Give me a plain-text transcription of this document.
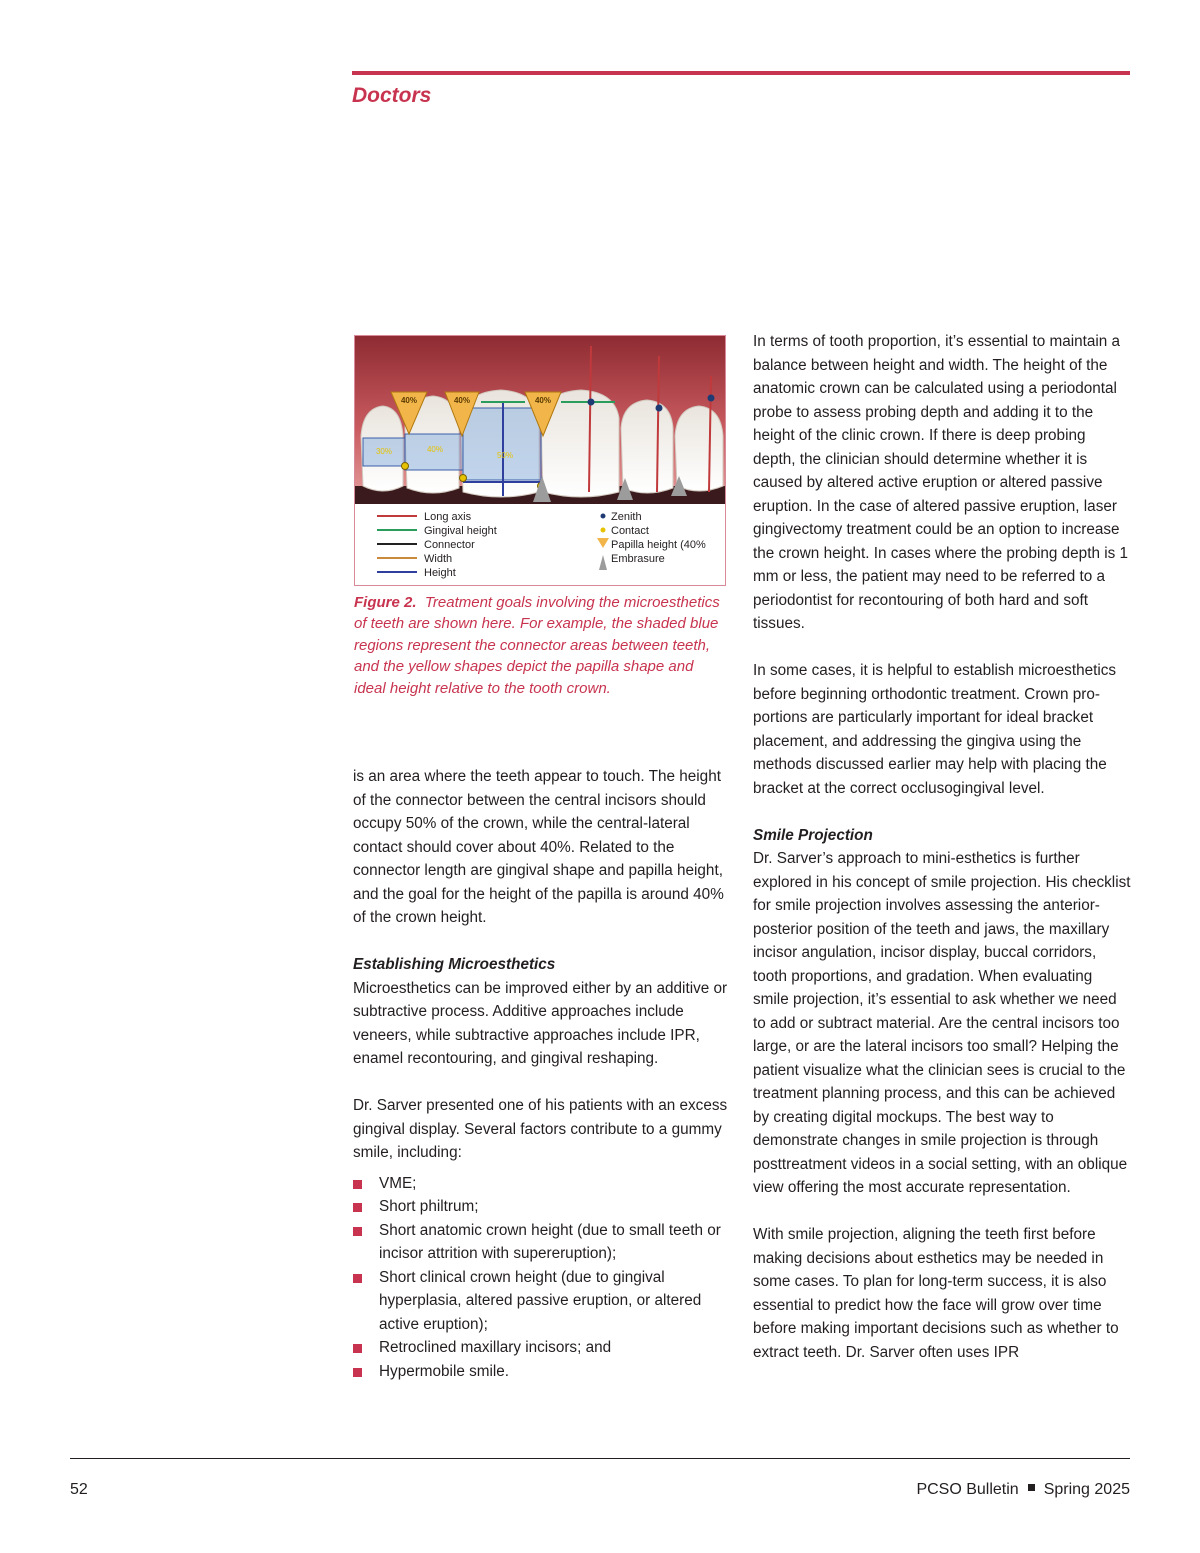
Doctors
40%	40%	40%
30%	40%
50%
Long axis
Gingival height
Connector
Width
Height
Zenith
Contact
Papilla height (40%
Embrasure

Figure 2. Treatment goals involving the microesthetics of teeth are shown here. For example, the shaded blue regions represent the connector areas between teeth, and the yellow shapes depict the papilla shape and ideal height relative to the tooth crown.

is an area where the teeth appear to touch. The height of the connector between the central incisors should occupy 50% of the crown, while the central-lateral contact should cover about 40%. Related to the connector length are gingival shape and papilla height, and the goal for the height of the papilla is around 40% of the crown height.

Establishing Microesthetics

Microesthetics can be improved either by an additive or subtractive process. Additive approaches include veneers, while subtractive approaches include IPR, enamel recontouring, and gingival reshaping.

Dr. Sarver presented one of his patients with an excess gingival display. Several factors contribute to a gummy smile, including:

VME;
Short philtrum;
Short anatomic crown height (due to small teeth or incisor attrition with supereruption);
Short clinical crown height (due to gingival hyperplasia, altered passive eruption, or altered active eruption);
Retroclined maxillary incisors; and
Hypermobile smile.

In terms of tooth proportion, it’s essential to maintain a balance between height and width. The height of the anatomic crown can be calculated using a periodontal probe to assess probing depth and adding it to the height of the clinic crown. If there is deep probing depth, the clinician should determine whether it is caused by altered active eruption or altered passive eruption. In the case of altered passive eruption, laser gingivectomy treatment could be an option to increase the crown height. In cases where the probing depth is 1 mm or less, the patient may need to be referred to a periodontist for recontouring of both hard and soft tissues.

In some cases, it is helpful to establish microesthetics before beginning orthodontic treatment. Crown proportions are particularly important for ideal bracket placement, and addressing the gingiva using the methods discussed earlier may help with placing the bracket at the correct occlusogingival level.

Smile Projection

Dr. Sarver’s approach to mini-esthetics is further explored in his concept of smile projection. His checklist for smile projection involves assessing the anterior-posterior position of the teeth and jaws, the maxillary incisor angulation, incisor display, buccal corridors, tooth proportions, and gradation. When evaluating smile projection, it’s essential to ask whether we need to add or subtract material. Are the central incisors too large, or are the lateral incisors too small? Helping the patient visualize what the clinician sees is crucial to the treatment planning process, and this can be achieved by creating digital mockups. The best way to demonstrate changes in smile projection is through posttreatment videos in a social setting, with an oblique view offering the most accurate representation.

With smile projection, aligning the teeth first before making decisions about esthetics may be needed in some cases. To plan for long-term success, it is also essential to predict how the face will grow over time before making important decisions such as whether to extract teeth. Dr. Sarver often uses IPR

52	PCSO Bulletin Spring 2025
